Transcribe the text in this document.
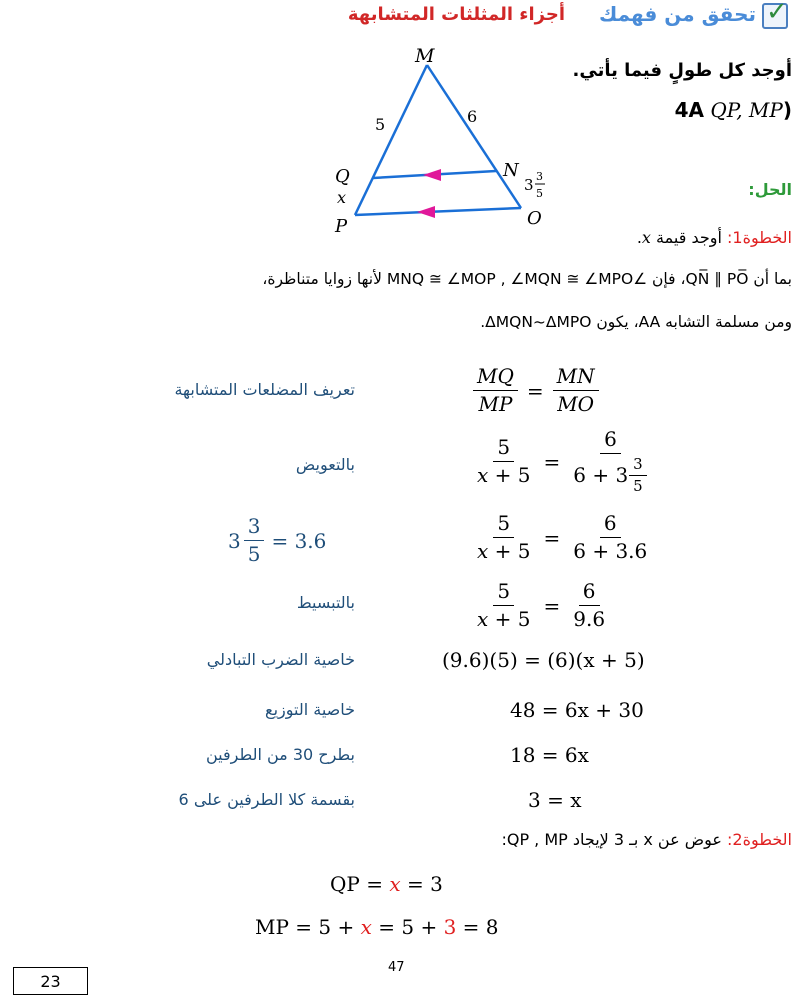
✓
تحقق من فهمك
أجزاء المثلثات المتشابهة
أوجد كل طولٍ فيما يأتي.
(4A QP, MP
M
5	6
Q
x
P
N
3 3
5
O
الحل:
الخطوة1: أوجد قيمة x.
بما أن QN̅ ∥ PO̅، فإن ∠MNQ ≅ ∠MOP , ∠MQN ≅ ∠MPO لأنها زوايا متناظرة،
ومن مسلمة التشابه AA، يكون ΔMQN~ΔMPO.
$\frac{MQ}{MP} = \frac{MN}{MO}$
تعريف المضلعات المتشابهة
$\frac{5}{x + 5} = \frac{6}{6 + 3 \frac{3}{5}}$
بالتعويض
$\frac{5}{x + 5} = \frac{6}{6 + 3.6}$
$3 \frac{3}{5} = 3.6$
$\frac{5}{x + 5} = \frac{6}{9.6}$
بالتبسيط
(9.6)(5) = (6)(x + 5)
خاصية الضرب التبادلي
48 = 6x + 30
خاصية التوزيع
18 = 6x
بطرح 30 من الطرفين
3 = x
بقسمة كلا الطرفين على 6
الخطوة2: عوض عن x بـ 3 لإيجاد QP , MP:
QP = x = 3
MP = 5 + x = 5 + 3 = 8
47
23
